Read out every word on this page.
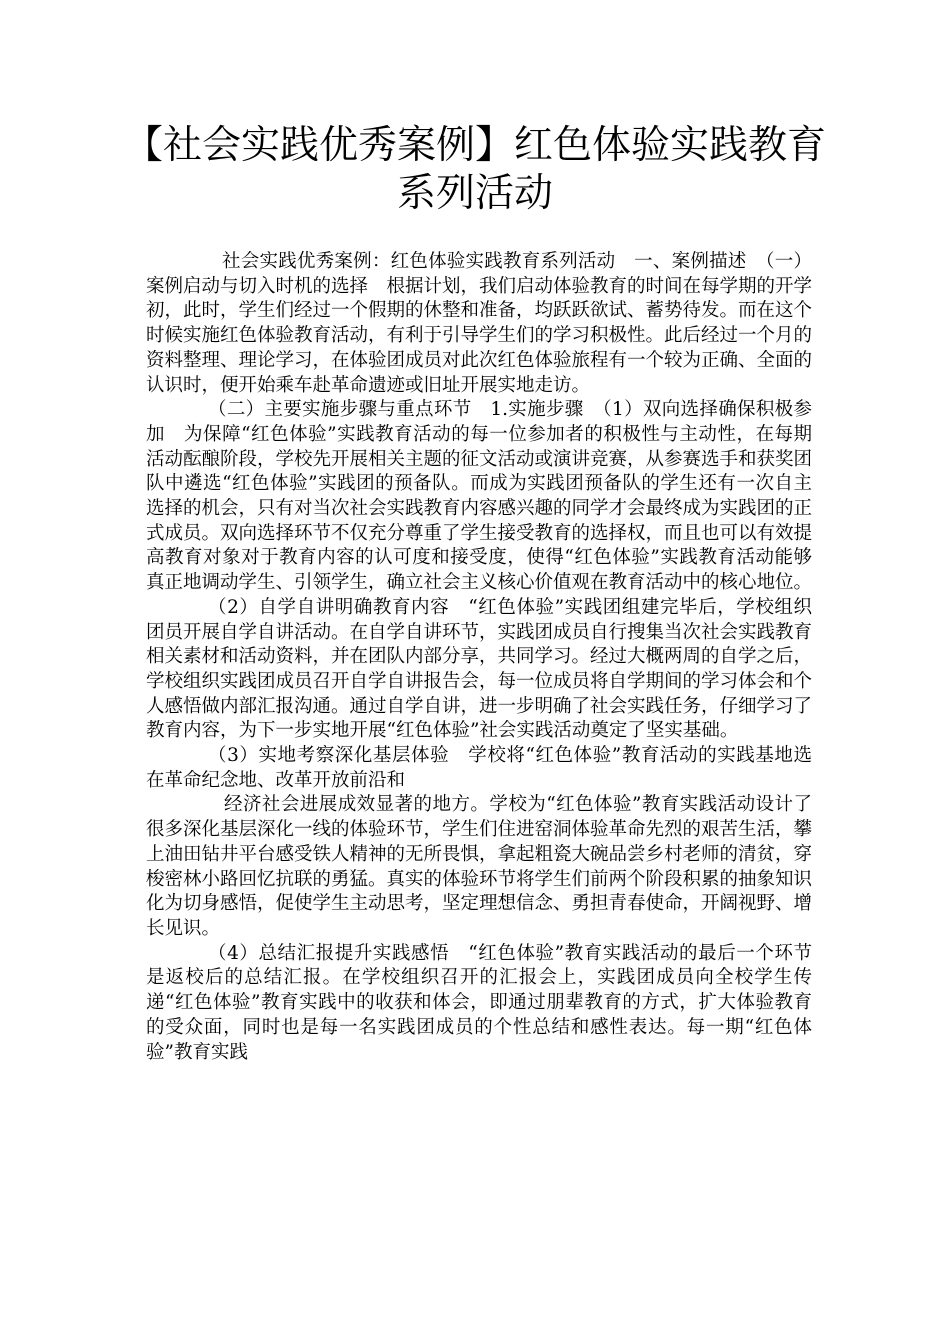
【社会实践优秀案例】红色体验实践教育
系列活动

社会实践优秀案例：红色体验实践教育系列活动　一、案例描述　（一）案例启动与切入时机的选择　根据计划，我们启动体验教育的时间在每学期的开学初，此时，学生们经过一个假期的休整和准备，均跃跃欲试、蓄势待发。而在这个时候实施红色体验教育活动，有利于引导学生们的学习积极性。此后经过一个月的资料整理、理论学习，在体验团成员对此次红色体验旅程有一个较为正确、全面的认识时，便开始乘车赴革命遗迹或旧址开展实地走访。

（二）主要实施步骤与重点环节　1.实施步骤　（1）双向选择确保积极参加　为保障“红色体验”实践教育活动的每一位参加者的积极性与主动性，在每期活动酝酿阶段，学校先开展相关主题的征文活动或演讲竞赛，从参赛选手和获奖团队中遴选“红色体验”实践团的预备队。而成为实践团预备队的学生还有一次自主选择的机会，只有对当次社会实践教育内容感兴趣的同学才会最终成为实践团的正式成员。双向选择环节不仅充分尊重了学生接受教育的选择权，而且也可以有效提高教育对象对于教育内容的认可度和接受度，使得“红色体验”实践教育活动能够真正地调动学生、引领学生，确立社会主义核心价值观在教育活动中的核心地位。

（2）自学自讲明确教育内容　“红色体验”实践团组建完毕后，学校组织团员开展自学自讲活动。在自学自讲环节，实践团成员自行搜集当次社会实践教育相关素材和活动资料，并在团队内部分享，共同学习。经过大概两周的自学之后，学校组织实践团成员召开自学自讲报告会，每一位成员将自学期间的学习体会和个人感悟做内部汇报沟通。通过自学自讲，进一步明确了社会实践任务，仔细学习了教育内容，为下一步实地开展“红色体验”社会实践活动奠定了坚实基础。

（3）实地考察深化基层体验　学校将“红色体验”教育活动的实践基地选在革命纪念地、改革开放前沿和

经济社会进展成效显著的地方。学校为“红色体验”教育实践活动设计了很多深化基层深化一线的体验环节，学生们住进窑洞体验革命先烈的艰苦生活，攀上油田钻井平台感受铁人精神的无所畏惧，拿起粗瓷大碗品尝乡村老师的清贫，穿梭密林小路回忆抗联的勇猛。真实的体验环节将学生们前两个阶段积累的抽象知识化为切身感悟，促使学生主动思考，坚定理想信念、勇担青春使命，开阔视野、增长见识。

（4）总结汇报提升实践感悟　“红色体验”教育实践活动的最后一个环节是返校后的总结汇报。在学校组织召开的汇报会上，实践团成员向全校学生传递“红色体验”教育实践中的收获和体会，即通过朋辈教育的方式，扩大体验教育的受众面，同时也是每一名实践团成员的个性总结和感性表达。每一期“红色体验”教育实践
